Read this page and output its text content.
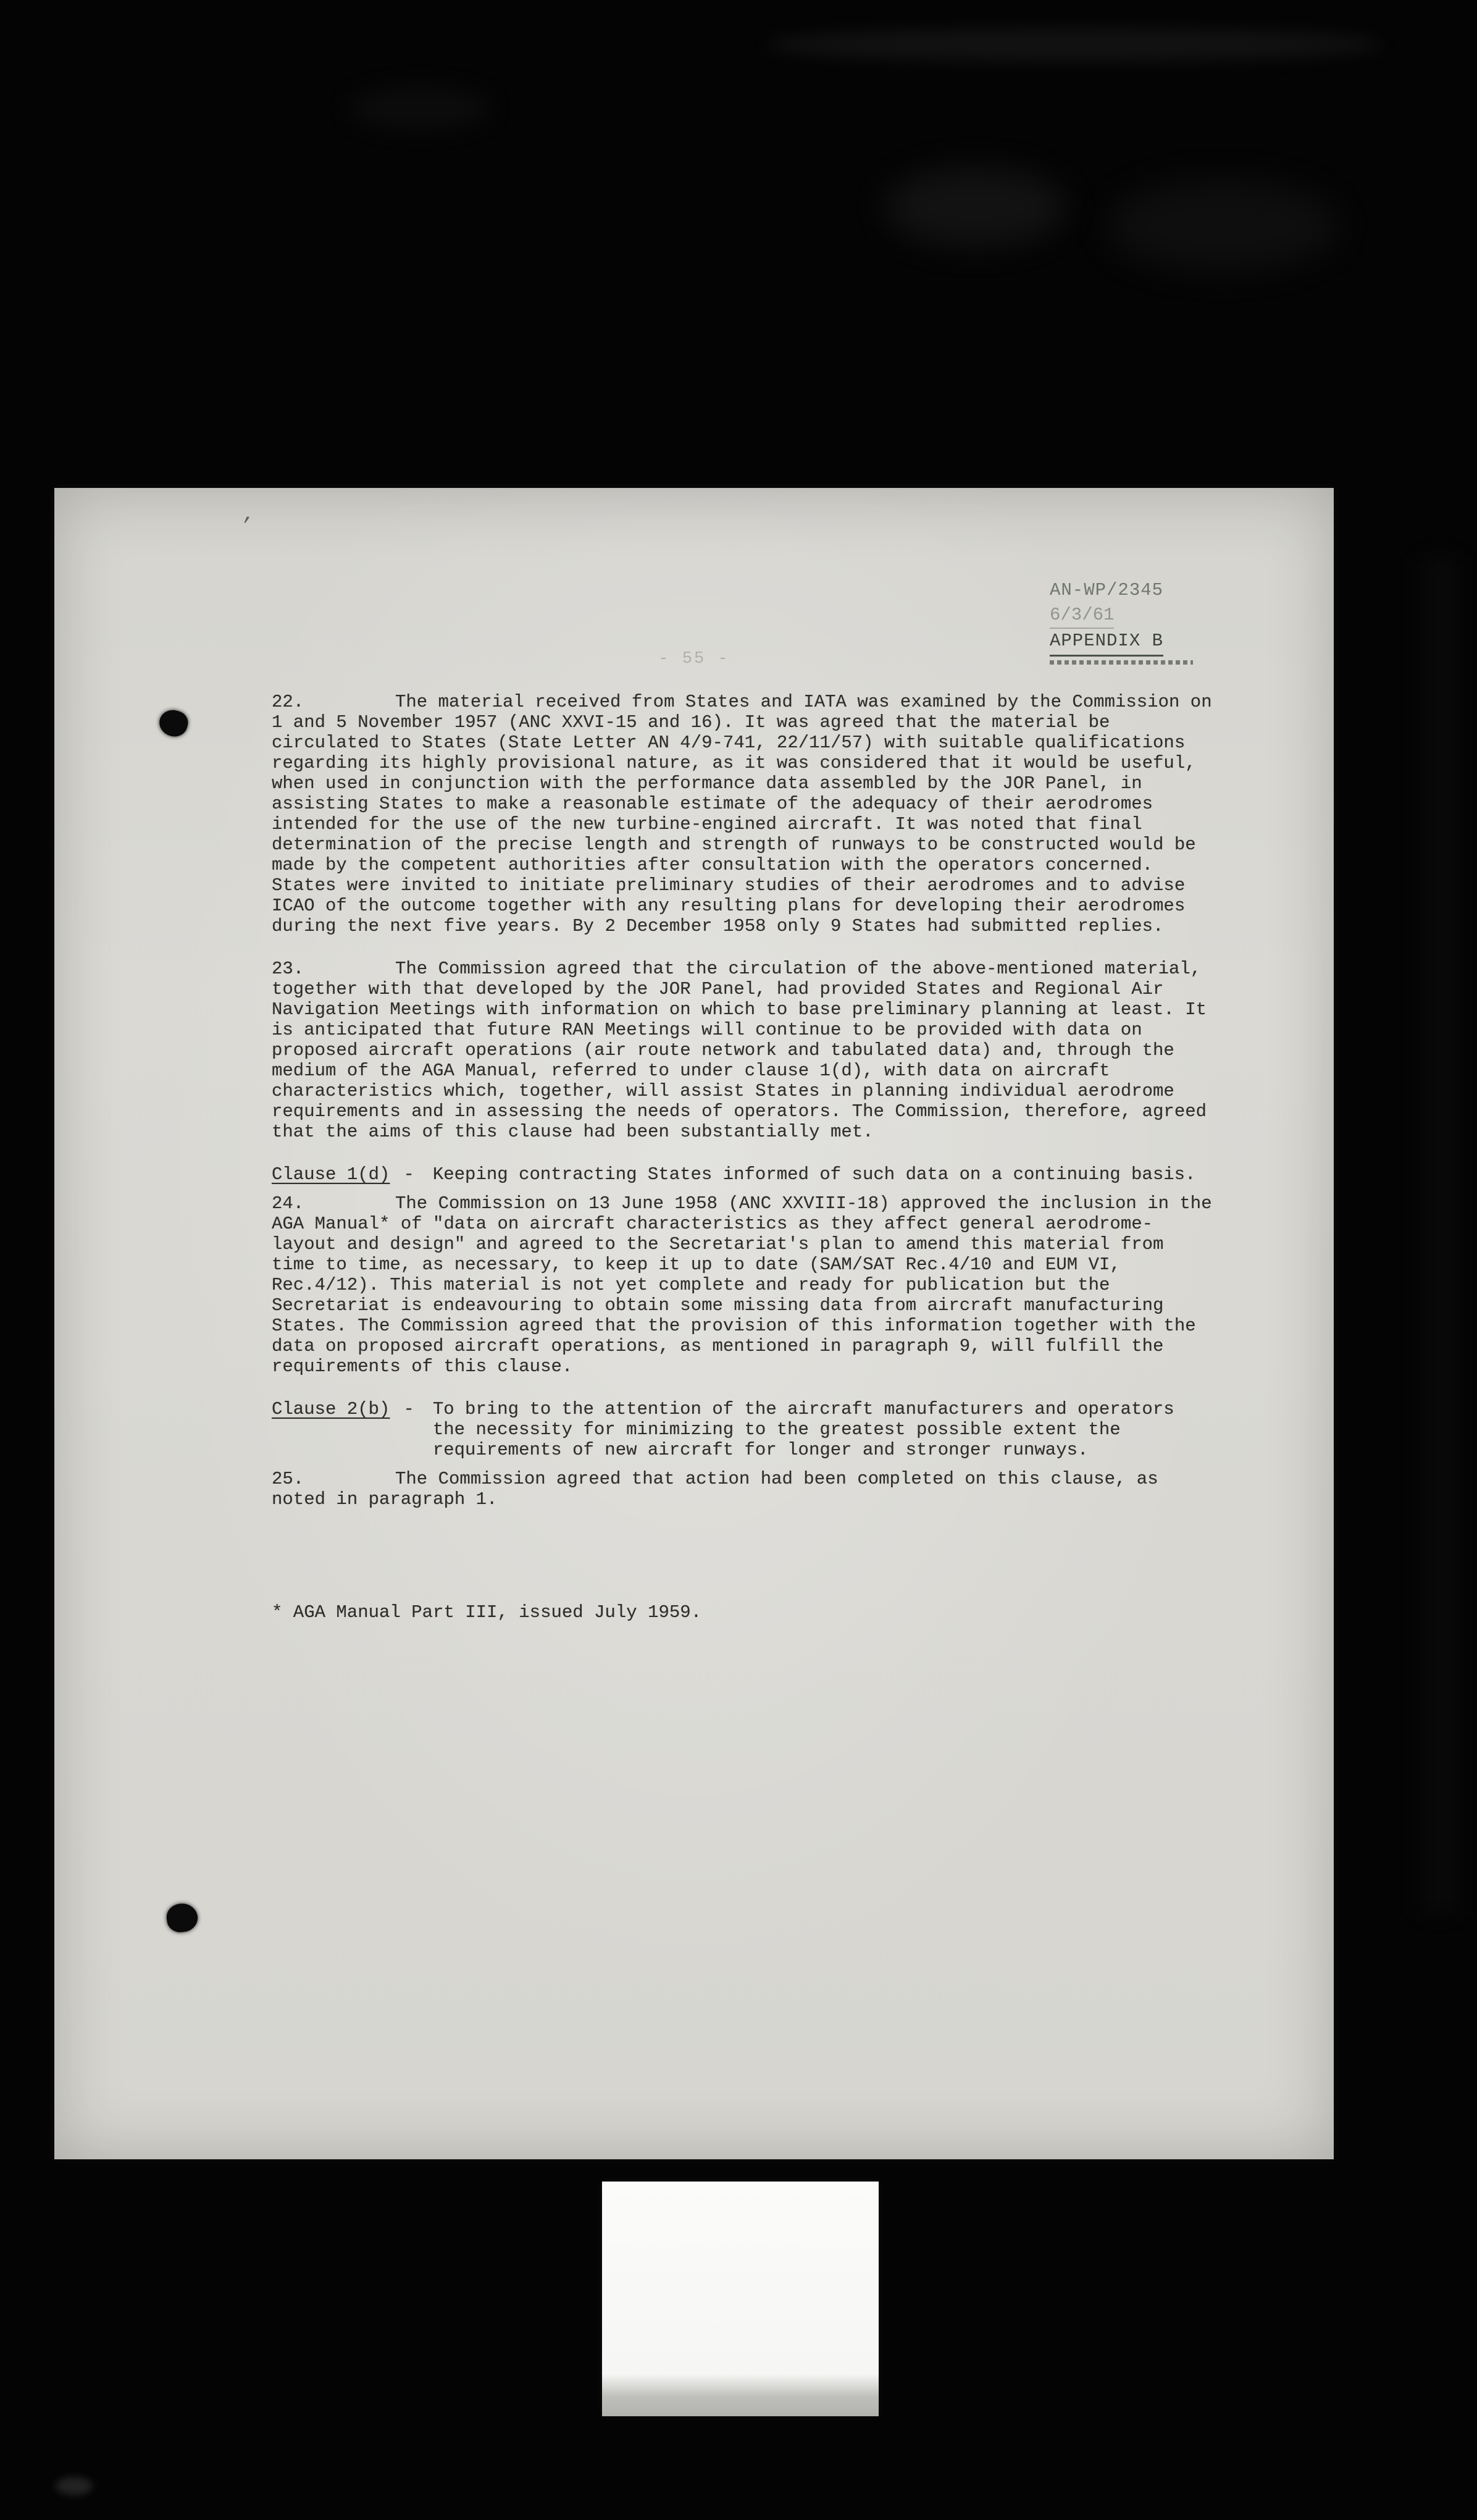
’
AN-WP/2345
6/3/61
APPENDIX B
- 55 -
22.	The material received from States and IATA was examined by the Commission on 1 and 5 November 1957 (ANC XXVI-15 and 16). It was agreed that the material be circulated to States (State Letter AN 4/9-741, 22/11/57) with suitable qualifications regarding its highly provisional nature, as it was considered that it would be useful, when used in conjunction with the performance data assembled by the JOR Panel, in assisting States to make a reasonable estimate of the adequacy of their aerodromes intended for the use of the new turbine-engined aircraft. It was noted that final determination of the precise length and strength of runways to be constructed would be made by the competent authorities after consultation with the operators concerned. States were invited to initiate preliminary studies of their aerodromes and to advise ICAO of the outcome together with any resulting plans for developing their aerodromes during the next five years. By 2 December 1958 only 9 States had submitted replies.
23.	The Commission agreed that the circulation of the above-mentioned material, together with that developed by the JOR Panel, had provided States and Regional Air Navigation Meetings with information on which to base preliminary planning at least. It is anticipated that future RAN Meetings will continue to be provided with data on proposed aircraft operations (air route network and tabulated data) and, through the medium of the AGA Manual, referred to under clause 1(d), with data on aircraft characteristics which, together, will assist States in planning individual aerodrome requirements and in assessing the needs of operators. The Commission, therefore, agreed that the aims of this clause had been substantially met.
Clause 1(d) - Keeping contracting States informed of such data on a continuing basis.
24.	The Commission on 13 June 1958 (ANC XXVIII-18) approved the inclusion in the AGA Manual* of "data on aircraft characteristics as they affect general aerodrome-layout and design" and agreed to the Secretariat's plan to amend this material from time to time, as necessary, to keep it up to date (SAM/SAT Rec.4/10 and EUM VI, Rec.4/12). This material is not yet complete and ready for publication but the Secretariat is endeavouring to obtain some missing data from aircraft manufacturing States. The Commission agreed that the provision of this information together with the data on proposed aircraft operations, as mentioned in paragraph 9, will fulfill the requirements of this clause.
Clause 2(b) - To bring to the attention of the aircraft manufacturers and operators the necessity for minimizing to the greatest possible extent the requirements of new aircraft for longer and stronger runways.
25.	The Commission agreed that action had been completed on this clause, as noted in paragraph 1.
* AGA Manual Part III, issued July 1959.
